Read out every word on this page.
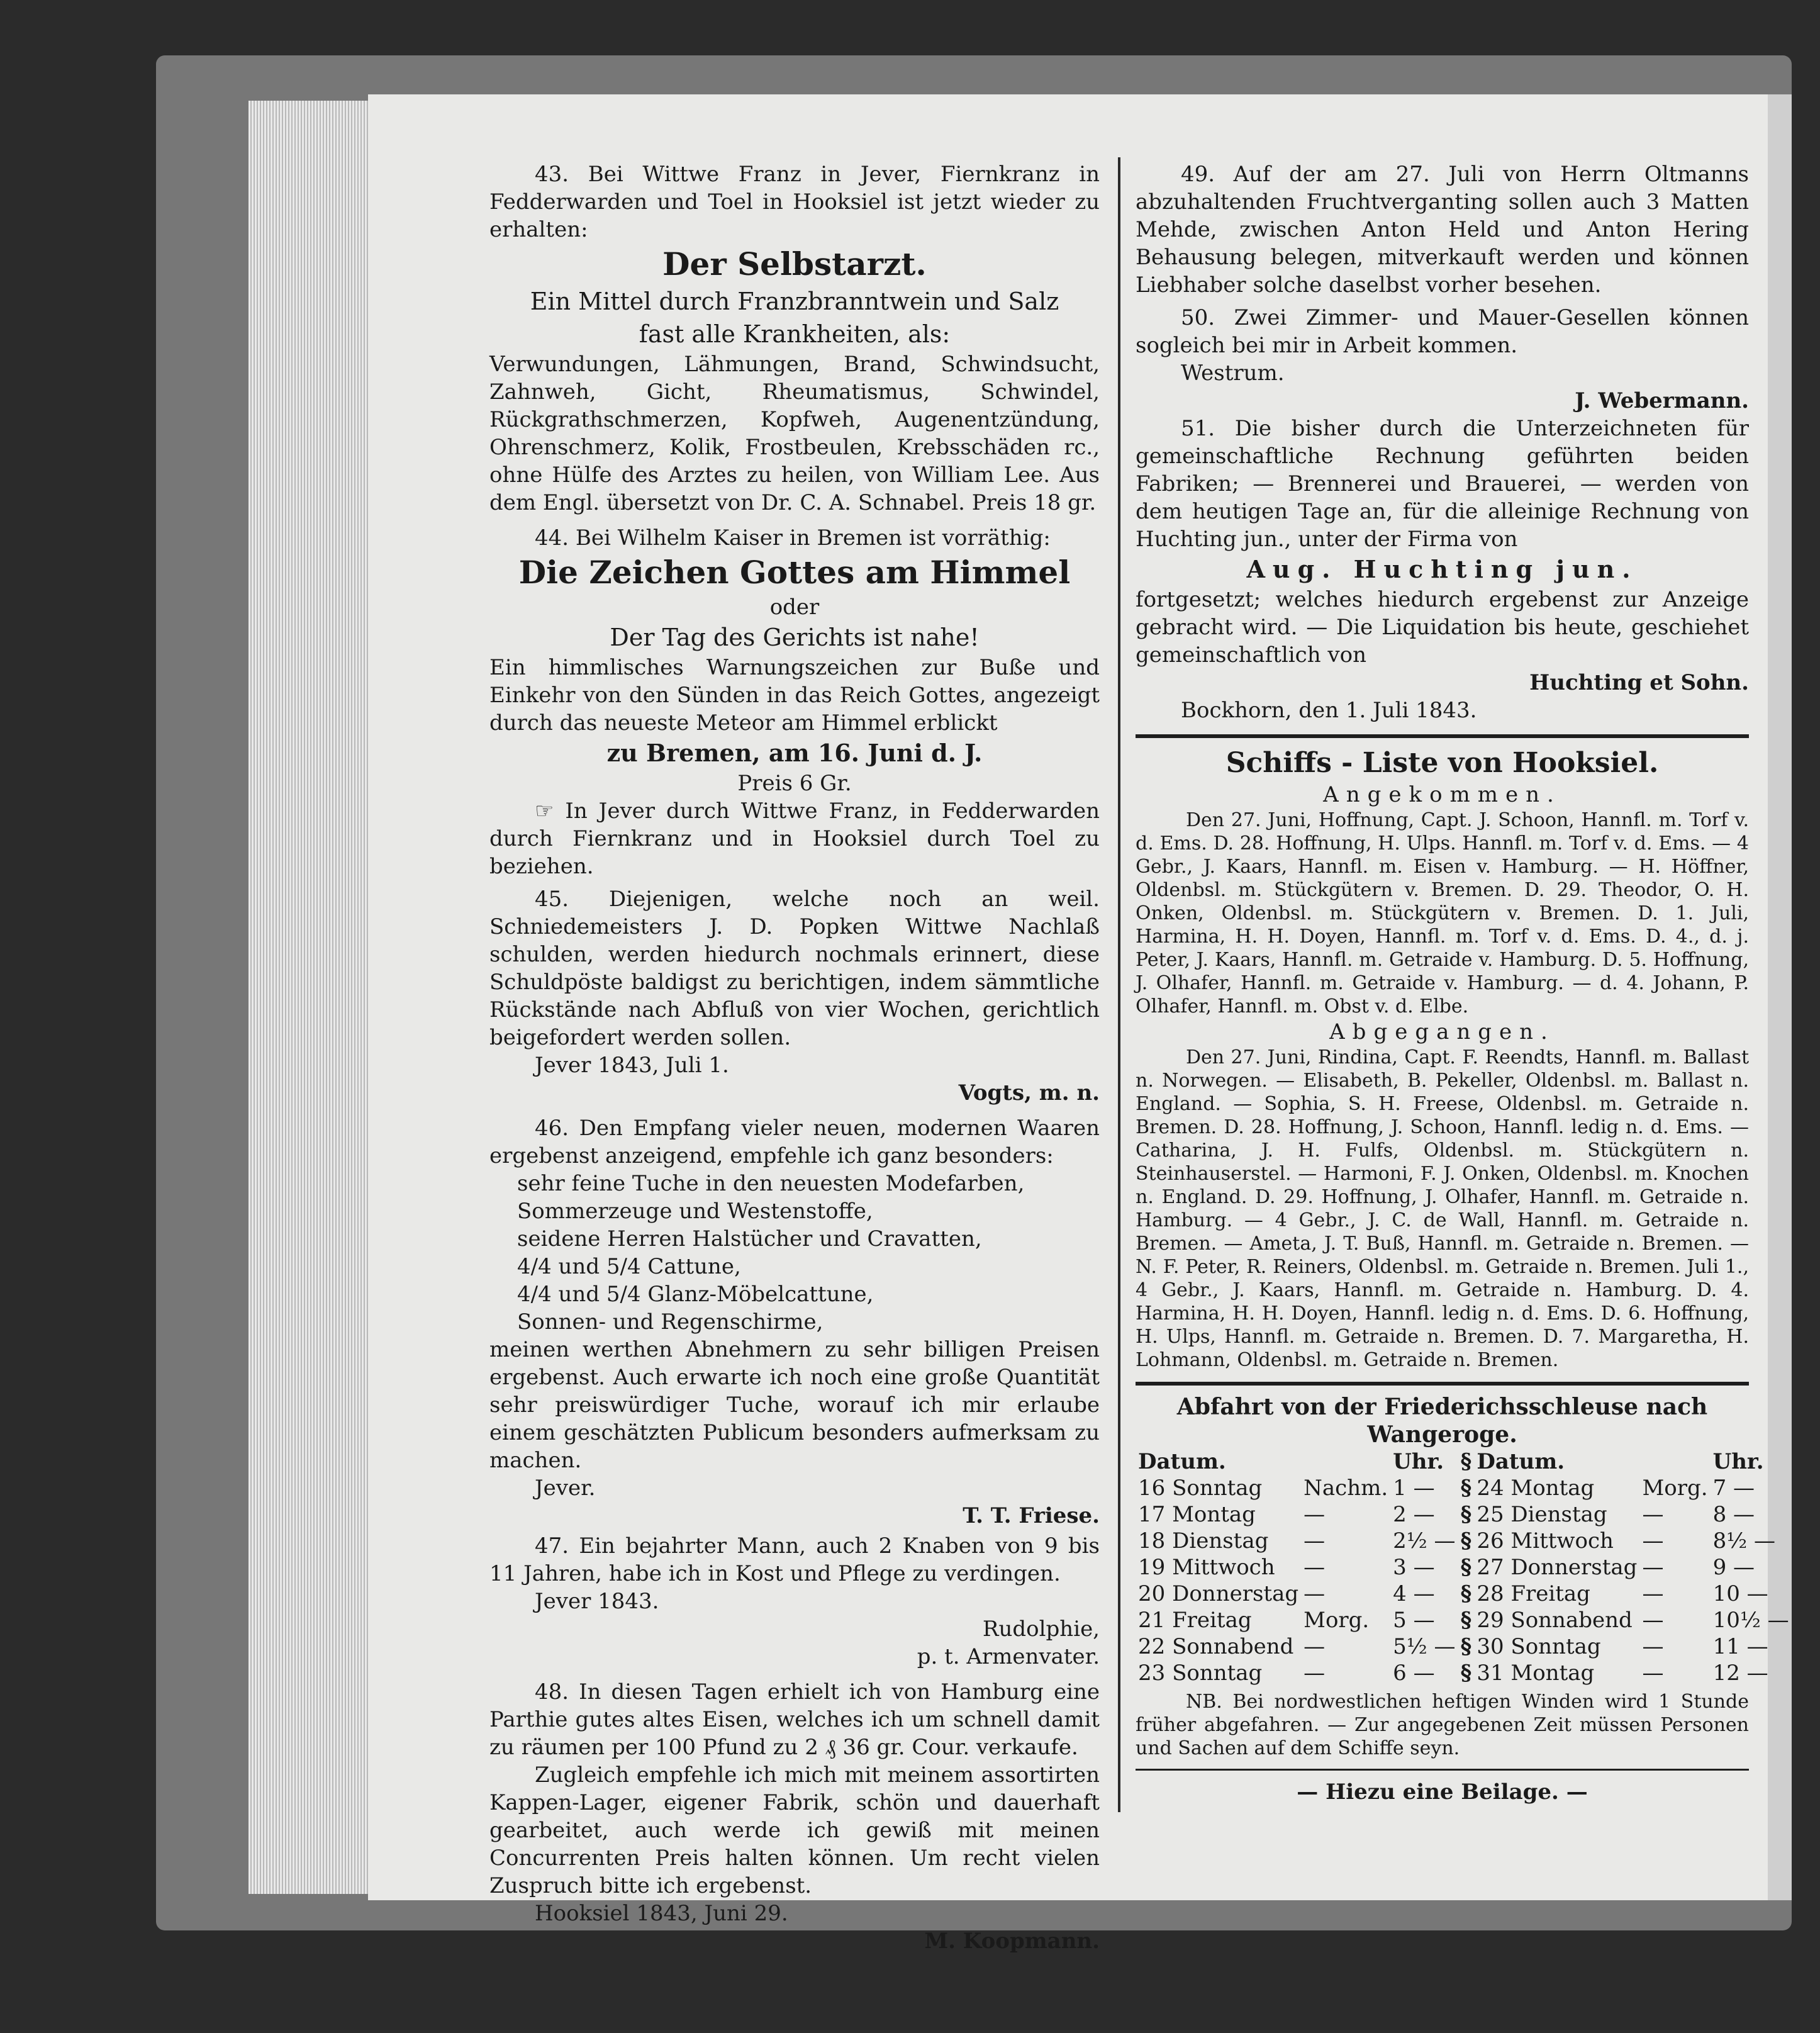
43. Bei Wittwe Franz in Jever, Fiernkranz in Fedderwarden und Toel in Hooksiel ist jetzt wieder zu erhalten:

Der Selbstarzt.

Ein Mittel durch Franzbranntwein und Salz

fast alle Krankheiten, als:

Verwundungen, Lähmungen, Brand, Schwindsucht, Zahnweh, Gicht, Rheumatismus, Schwindel, Rückgrathschmerzen, Kopfweh, Augenentzündung, Ohrenschmerz, Kolik, Frostbeulen, Krebsschäden rc., ohne Hülfe des Arztes zu heilen, von William Lee. Aus dem Engl. übersetzt von Dr. C. A. Schnabel. Preis 18 gr.

44. Bei Wilhelm Kaiser in Bremen ist vorräthig:

Die Zeichen Gottes am Himmel

oder

Der Tag des Gerichts ist nahe!

Ein himmlisches Warnungszeichen zur Buße und Einkehr von den Sünden in das Reich Gottes, angezeigt durch das neueste Meteor am Himmel erblickt

zu Bremen, am 16. Juni d. J.

Preis 6 Gr.

☞ In Jever durch Wittwe Franz, in Fedderwarden durch Fiernkranz und in Hooksiel durch Toel zu beziehen.

45. Diejenigen, welche noch an weil. Schniedemeisters J. D. Popken Wittwe Nachlaß schulden, werden hiedurch nochmals erinnert, diese Schuldpöste baldigst zu berichtigen, indem sämmtliche Rückstände nach Abfluß von vier Wochen, gerichtlich beigefordert werden sollen.

Jever 1843, Juli 1.

Vogts, m. n.

46. Den Empfang vieler neuen, modernen Waaren ergebenst anzeigend, empfehle ich ganz besonders:

sehr feine Tuche in den neuesten Modefarben,

Sommerzeuge und Westenstoffe,

seidene Herren Halstücher und Cravatten,

4/4 und 5/4 Cattune,

4/4 und 5/4 Glanz-Möbelcattune,

Sonnen- und Regenschirme,

meinen werthen Abnehmern zu sehr billigen Preisen ergebenst. Auch erwarte ich noch eine große Quantität sehr preiswürdiger Tuche, worauf ich mir erlaube einem geschätzten Publicum besonders aufmerksam zu machen.

Jever.

T. T. Friese.

47. Ein bejahrter Mann, auch 2 Knaben von 9 bis 11 Jahren, habe ich in Kost und Pflege zu verdingen.

Jever 1843.

Rudolphie,

p. t. Armenvater.

48. In diesen Tagen erhielt ich von Hamburg eine Parthie gutes altes Eisen, welches ich um schnell damit zu räumen per 100 Pfund zu 2 ₰ 36 gr. Cour. verkaufe.

Zugleich empfehle ich mich mit meinem assortirten Kappen-Lager, eigener Fabrik, schön und dauerhaft gearbeitet, auch werde ich gewiß mit meinen Concurrenten Preis halten können. Um recht vielen Zuspruch bitte ich ergebenst.

Hooksiel 1843, Juni 29.

M. Koopmann.

49. Auf der am 27. Juli von Herrn Oltmanns abzuhaltenden Fruchtverganting sollen auch 3 Matten Mehde, zwischen Anton Held und Anton Hering Behausung belegen, mitverkauft werden und können Liebhaber solche daselbst vorher besehen.

50. Zwei Zimmer- und Mauer-Gesellen können sogleich bei mir in Arbeit kommen.

Westrum.

J. Webermann.

51. Die bisher durch die Unterzeichneten für gemeinschaftliche Rechnung geführten beiden Fabriken; — Brennerei und Brauerei, — werden von dem heutigen Tage an, für die alleinige Rechnung von Huchting jun., unter der Firma von

Aug. Huchting jun.

fortgesetzt; welches hiedurch ergebenst zur Anzeige gebracht wird. — Die Liquidation bis heute, geschiehet gemeinschaftlich von

Huchting et Sohn.

Bockhorn, den 1. Juli 1843.

Schiffs - Liste von Hooksiel.

Angekommen.

Den 27. Juni, Hoffnung, Capt. J. Schoon, Hannfl. m. Torf v. d. Ems. D. 28. Hoffnung, H. Ulps. Hannfl. m. Torf v. d. Ems. — 4 Gebr., J. Kaars, Hannfl. m. Eisen v. Hamburg. — H. Höffner, Oldenbsl. m. Stückgütern v. Bremen. D. 29. Theodor, O. H. Onken, Oldenbsl. m. Stückgütern v. Bremen. D. 1. Juli, Harmina, H. H. Doyen, Hannfl. m. Torf v. d. Ems. D. 4., d. j. Peter, J. Kaars, Hannfl. m. Getraide v. Hamburg. D. 5. Hoffnung, J. Olhafer, Hannfl. m. Getraide v. Hamburg. — d. 4. Johann, P. Olhafer, Hannfl. m. Obst v. d. Elbe.

Abgegangen.

Den 27. Juni, Rindina, Capt. F. Reendts, Hannfl. m. Ballast n. Norwegen. — Elisabeth, B. Pekeller, Oldenbsl. m. Ballast n. England. — Sophia, S. H. Freese, Oldenbsl. m. Getraide n. Bremen. D. 28. Hoffnung, J. Schoon, Hannfl. ledig n. d. Ems. — Catharina, J. H. Fulfs, Oldenbsl. m. Stückgütern n. Steinhauserstel. — Harmoni, F. J. Onken, Oldenbsl. m. Knochen n. England. D. 29. Hoffnung, J. Olhafer, Hannfl. m. Getraide n. Hamburg. — 4 Gebr., J. C. de Wall, Hannfl. m. Getraide n. Bremen. — Ameta, J. T. Buß, Hannfl. m. Getraide n. Bremen. — N. F. Peter, R. Reiners, Oldenbsl. m. Getraide n. Bremen. Juli 1., 4 Gebr., J. Kaars, Hannfl. m. Getraide n. Hamburg. D. 4. Harmina, H. H. Doyen, Hannfl. ledig n. d. Ems. D. 6. Hoffnung, H. Ulps, Hannfl. m. Getraide n. Bremen. D. 7. Margaretha, H. Lohmann, Oldenbsl. m. Getraide n. Bremen.

Abfahrt von der Friederichsschleuse nach Wangeroge.

Datum.		Uhr.	§	Datum.		Uhr.
16 Sonntag	Nachm.	1 —	§	24 Montag	Morg.	7 —
17 Montag	—	2 —	§	25 Dienstag	—	8 —
18 Dienstag	—	2½ —	§	26 Mittwoch	—	8½ —
19 Mittwoch	—	3 —	§	27 Donnerstag	—	9 —
20 Donnerstag	—	4 —	§	28 Freitag	—	10 —
21 Freitag	Morg.	5 —	§	29 Sonnabend	—	10½ —
22 Sonnabend	—	5½ —	§	30 Sonntag	—	11 —
23 Sonntag	—	6 —	§	31 Montag	—	12 —

NB. Bei nordwestlichen heftigen Winden wird 1 Stunde früher abgefahren. — Zur angegebenen Zeit müssen Personen und Sachen auf dem Schiffe seyn.

— Hiezu eine Beilage. —
